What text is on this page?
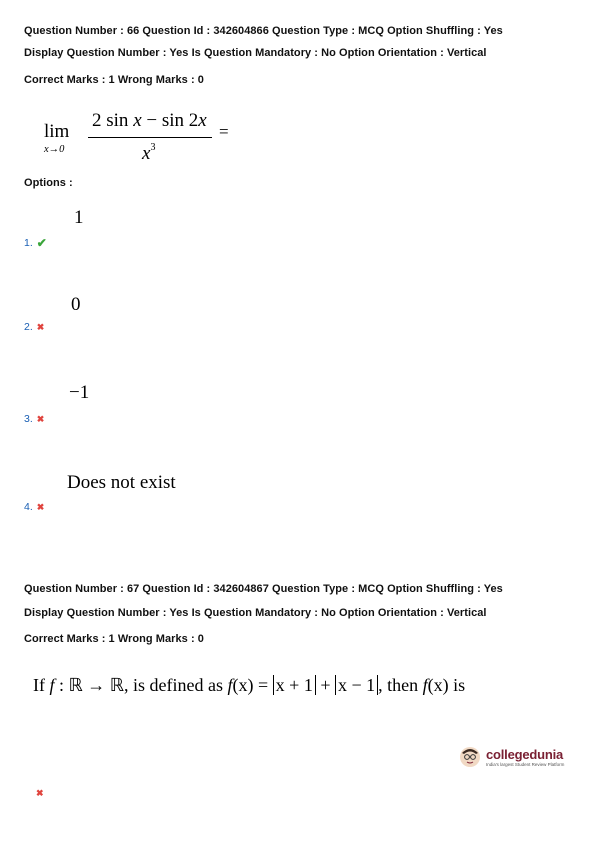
Question Number : 66 Question Id : 342604866 Question Type : MCQ Option Shuffling : Yes
Display Question Number : Yes Is Question Mandatory : No Option Orientation : Vertical
Correct Marks : 1 Wrong Marks : 0
lim
x→0
2 sin x − sin 2x
$x^3$
=
Options :
1
1. ✔
0
2. ✖
−1
3. ✖
Does not exist
4. ✖
Question Number : 67 Question Id : 342604867 Question Type : MCQ Option Shuffling : Yes
Display Question Number : Yes Is Question Mandatory : No Option Orientation : Vertical
Correct Marks : 1 Wrong Marks : 0
If f : ℝ → ℝ, is defined as f(x) = x + 1 + x − 1 , then f(x) is
collegedunia
India's largest Student Review Platform
✖
